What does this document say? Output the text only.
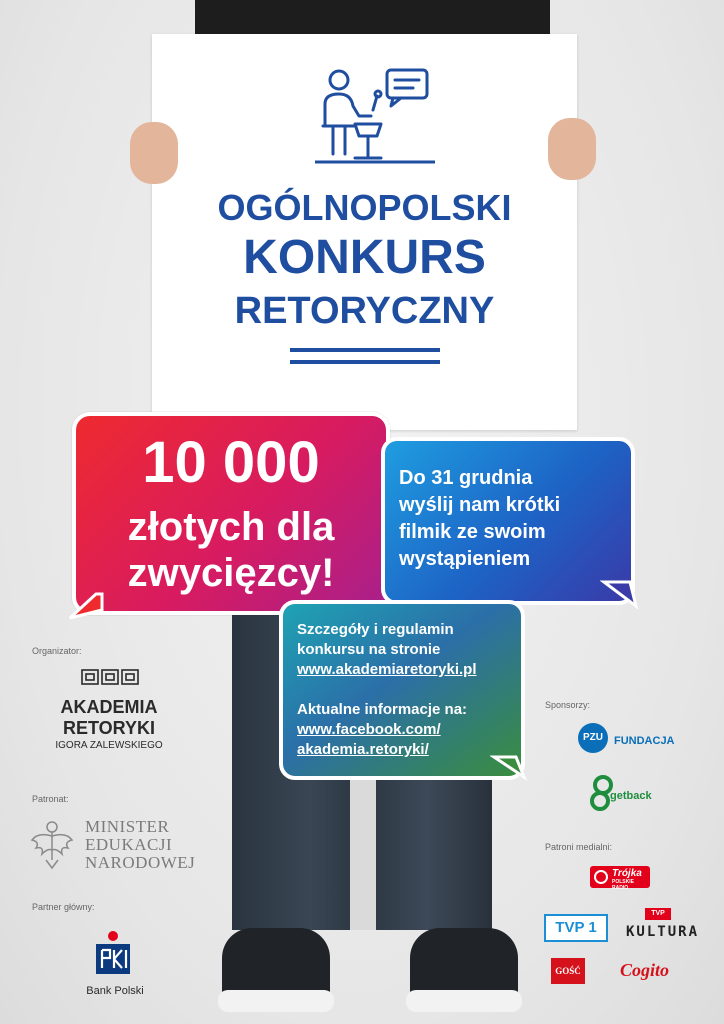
OGÓLNOPOLSKI
KONKURS
RETORYCZNY
10 000
złotych dla
zwycięzcy!
Do 31 grudnia
wyślij nam krótki
filmik ze swoim
wystąpieniem
Szczegóły i regulamin
konkursu na stronie
www.akademiaretoryki.pl
Aktualne informacje na:
www.facebook.com/
akademia.retoryki/
Organizator:
AKADEMIA
RETORYKI
IGORA ZALEWSKIEGO
Patronat:
MINISTER
EDUKACJI
NARODOWEJ
Partner główny:
Bank Polski
Sponsorzy:
PZU	FUNDACJA
getback
Patroni medialni:
Trójka
POLSKIE RADIO
TVP 1
TVP
KULTURA
GOŚĆ Cogito
